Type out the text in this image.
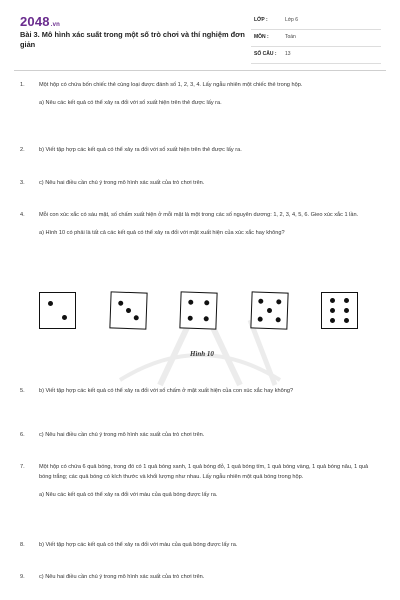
2048.vn
Bài 3. Mô hình xác suất trong một số trò chơi và thí nghiệm đơn giản
LỚP :	Lớp 6
MÔN :	Toán
SỐ CÂU : 13
1.	Một hộp có chứa bốn chiếc thẻ cùng loại được đánh số 1, 2, 3, 4. Lấy ngẫu nhiên một chiếc thẻ trong hộp.
a) Nêu các kết quả có thể xảy ra đối với số xuất hiện trên thẻ được lấy ra.
2.	b) Viết tập hợp các kết quả có thể xảy ra đối với số xuất hiện trên thẻ được lấy ra.
3.	c) Nêu hai điều cần chú ý trong mô hình xác suất của trò chơi trên.
4.	Mỗi con xúc xắc có sáu mặt, số chấm xuất hiện ở mỗi mặt là một trong các số nguyên dương: 1, 2, 3, 4, 5, 6. Gieo xúc xắc 1 lần.
a) Hình 10 có phải là tất cả các kết quả có thể xảy ra đối với mặt xuất hiện của xúc xắc hay không?
Hình 10
5.	b) Viết tập hợp các kết quả có thể xảy ra đối với số chấm ở mặt xuất hiện của con xúc xắc hay không?
6.	c) Nêu hai điều cần chú ý trong mô hình xác suất của trò chơi trên.
7.	Một hộp có chứa 6 quả bóng, trong đó có 1 quả bóng xanh, 1 quả bóng đỏ, 1 quả bóng tím, 1 quả bóng vàng, 1 quả bóng nâu, 1 quả bóng trắng; các quả bóng có kích thước và khối lượng như nhau. Lấy ngẫu nhiên một quả bóng trong hộp.
a) Nêu các kết quả có thể xảy ra đối với màu của quả bóng được lấy ra.
8.	b) Viết tập hợp các kết quả có thể xảy ra đối với màu của quả bóng được lấy ra.
9.	c) Nêu hai điều cần chú ý trong mô hình xác suất của trò chơi trên.
